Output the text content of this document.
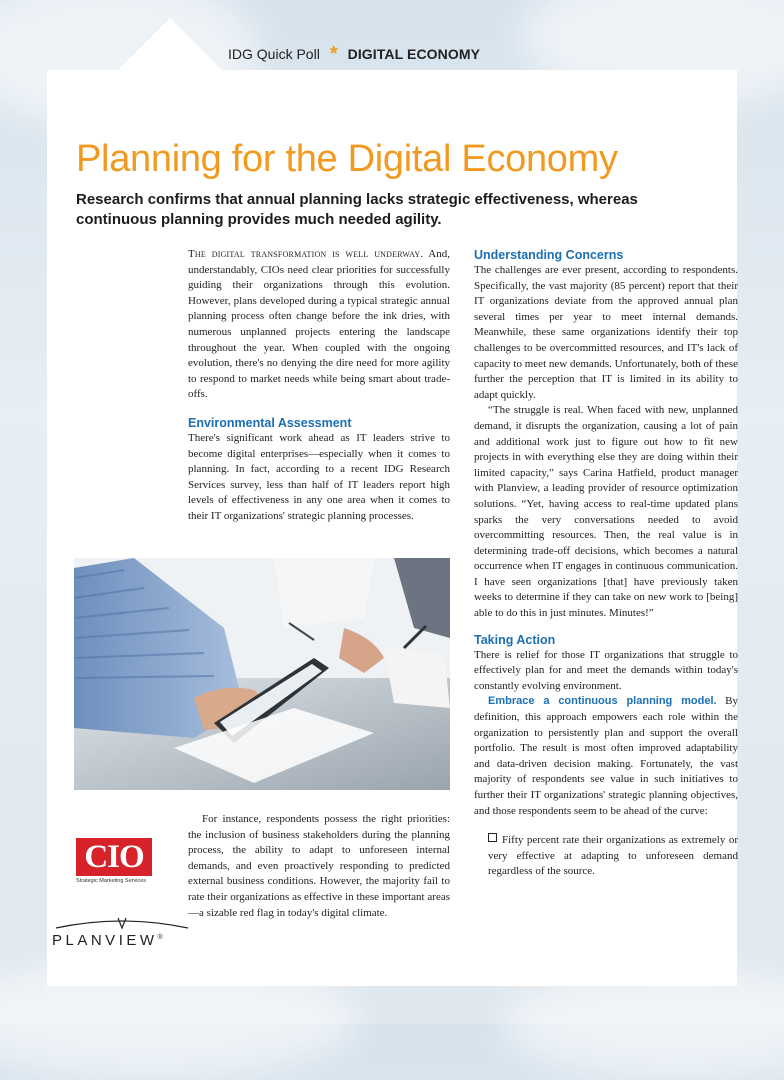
IDG Quick Poll * DIGITAL ECONOMY
Planning for the Digital Economy
Research confirms that annual planning lacks strategic effectiveness, whereas continuous planning provides much needed agility.

The digital transformation is well underway. And, understandably, CIOs need clear priorities for successfully guiding their organizations through this evolution. However, plans developed during a typical strategic annual planning process often change before the ink dries, with numerous unplanned projects entering the landscape throughout the year. When coupled with the ongoing evolution, there's no denying the dire need for more agility to respond to market needs while being smart about trade-offs.

Environmental Assessment

There's significant work ahead as IT leaders strive to become digital enterprises—especially when it comes to planning. In fact, according to a recent IDG Research Services survey, less than half of IT leaders report high levels of effectiveness in any one area when it comes to their IT organizations' strategic planning processes.

For instance, respondents possess the right priorities: the inclusion of business stakeholders during the planning process, the ability to adapt to unforeseen internal demands, and even proactively responding to predicted external business conditions. However, the majority fail to rate their organizations as effective in these important areas—a sizable red flag in today's digital climate.

Understanding Concerns

The challenges are ever present, according to respondents. Specifically, the vast majority (85 percent) report that their IT organizations deviate from the approved annual plan several times per year to meet internal demands. Meanwhile, these same organizations identify their top challenges to be overcommitted resources, and IT's lack of capacity to meet new demands. Unfortunately, both of these further the perception that IT is limited in its ability to adapt quickly.

“The struggle is real. When faced with new, unplanned demand, it disrupts the organization, causing a lot of pain and additional work just to figure out how to fit new projects in with everything else they are doing within their limited capacity,” says Carina Hatfield, product manager with Planview, a leading provider of resource optimization solutions. “Yet, having access to real-time updated plans sparks the very conversations needed to avoid overcommitting resources. Then, the real value is in determining trade-off decisions, which becomes a natural occurrence when IT engages in continuous communication. I have seen organizations [that] have previously taken weeks to determine if they can take on new work to [being] able to do this in just minutes. Minutes!”

Taking Action

There is relief for those IT organizations that struggle to effectively plan for and meet the demands within today's constantly evolving environment.

Embrace a continuous planning model. By definition, this approach empowers each role within the organization to persistently plan and support the overall portfolio. The result is most often improved adaptability and data-driven decision making. Fortunately, the vast majority of respondents see value in such initiatives to further their IT organizations' strategic planning objectives, and those respondents seem to be ahead of the curve:

Fifty percent rate their organizations as extremely or very effective at adapting to unforeseen demand regardless of the source.

CIO
Strategic Marketing Services
PLANVIEW®
